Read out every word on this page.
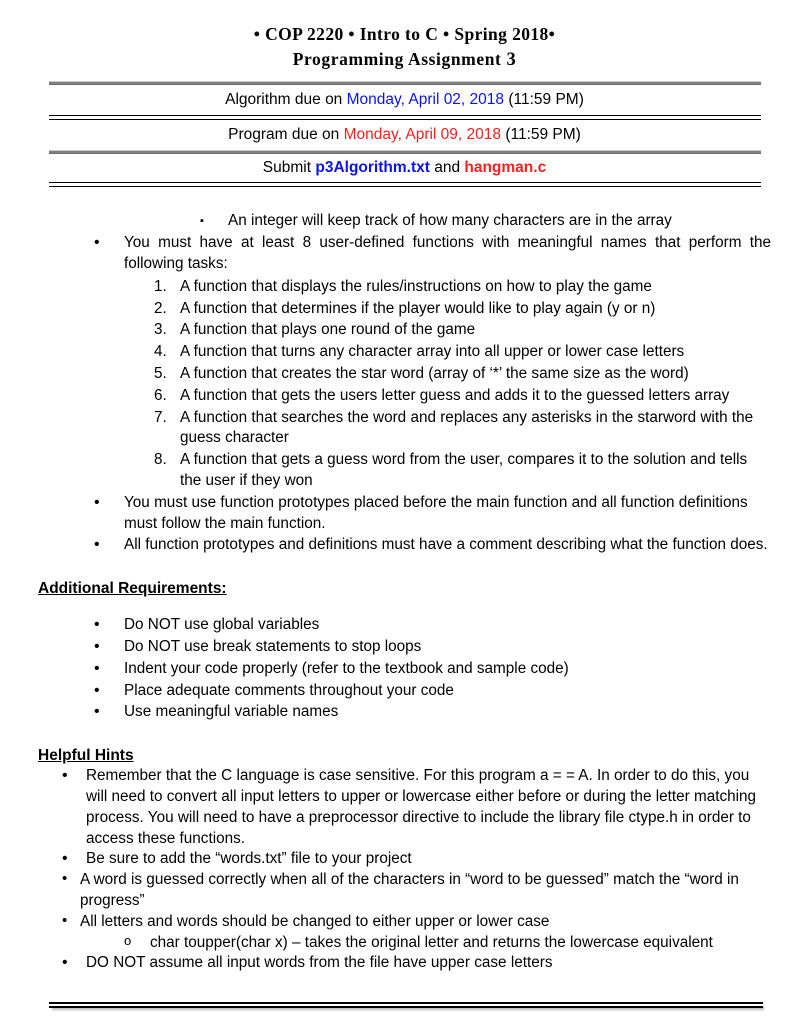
• COP 2220 • Intro to C • Spring 2018•
Programming Assignment 3
Algorithm due on Monday, April 02, 2018 (11:59 PM)
Program due on Monday, April 09, 2018 (11:59 PM)
Submit p3Algorithm.txt and hangman.c
▪	An integer will keep track of how many characters are in the array
•	You must have at least 8 user-defined functions with meaningful names that perform the following tasks:
1. A function that displays the rules/instructions on how to play the game
2. A function that determines if the player would like to play again (y or n)
3. A function that plays one round of the game
4. A function that turns any character array into all upper or lower case letters
5. A function that creates the star word (array of ‘*’ the same size as the word)
6. A function that gets the users letter guess and adds it to the guessed letters array
7. A function that searches the word and replaces any asterisks in the starword with the guess character
8. A function that gets a guess word from the user, compares it to the solution and tells the user if they won
•	You must use function prototypes placed before the main function and all function definitions must follow the main function.
•	All function prototypes and definitions must have a comment describing what the function does.
Additional Requirements:
•	Do NOT use global variables
•	Do NOT use break statements to stop loops
•	Indent your code properly (refer to the textbook and sample code)
•	Place adequate comments throughout your code
•	Use meaningful variable names
Helpful Hints
•	Remember that the C language is case sensitive. For this program a = = A. In order to do this, you will need to convert all input letters to upper or lowercase either before or during the letter matching process. You will need to have a preprocessor directive to include the library file ctype.h in order to access these functions.
•	Be sure to add the “words.txt” file to your project
• A word is guessed correctly when all of the characters in “word to be guessed” match the “word in progress”
• All letters and words should be changed to either upper or lower case
o	char toupper(char x) – takes the original letter and returns the lowercase equivalent
•	DO NOT assume all input words from the file have upper case letters
